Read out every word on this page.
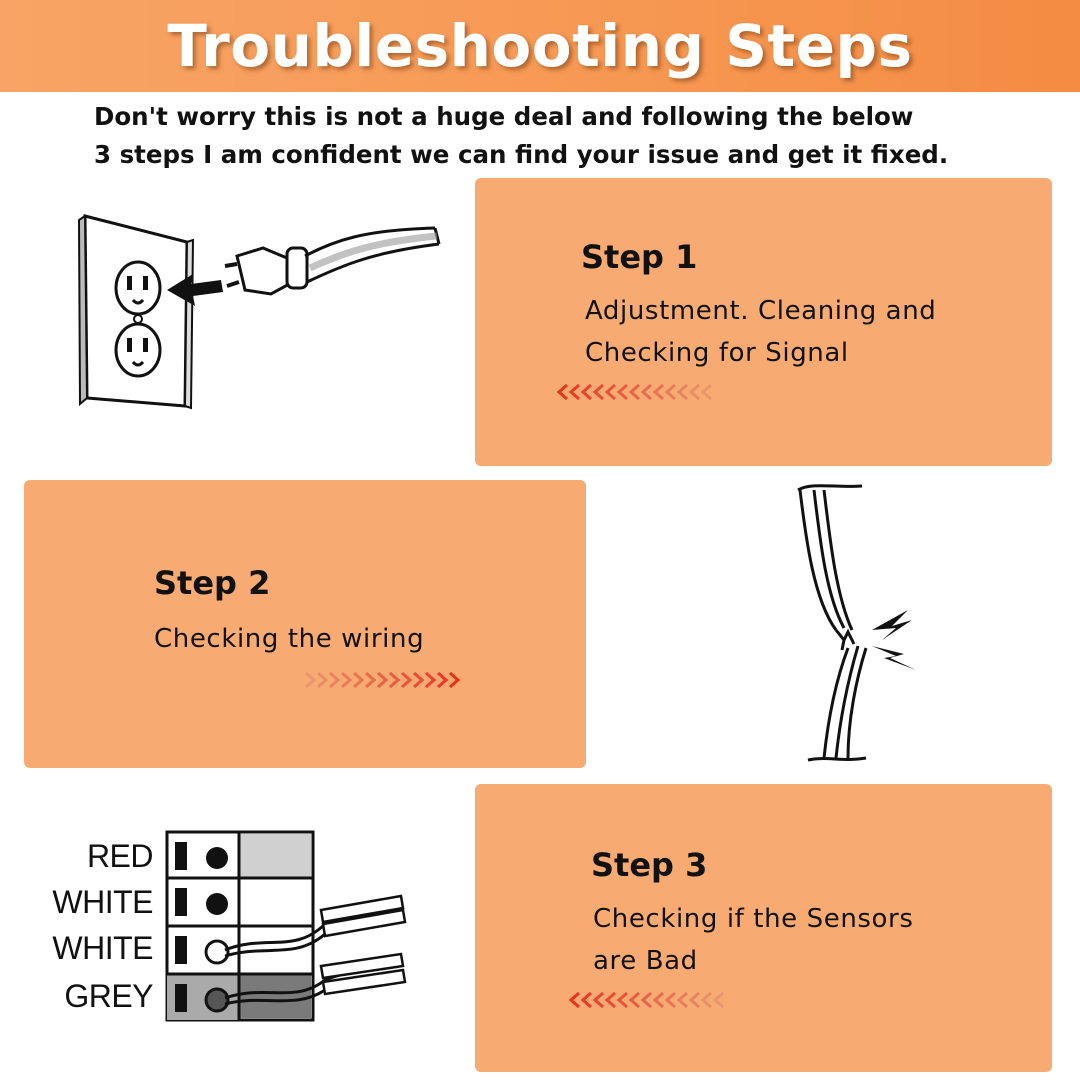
Troubleshooting Steps
Don't worry this is not a huge deal and following the below
3 steps I am confident we can find your issue and get it fixed.
Step 1
Adjustment. Cleaning and
Checking for Signal
Step 2
Checking the wiring
RED
WHITE
WHITE
GREY
Step 3
Checking if the Sensors
are Bad
